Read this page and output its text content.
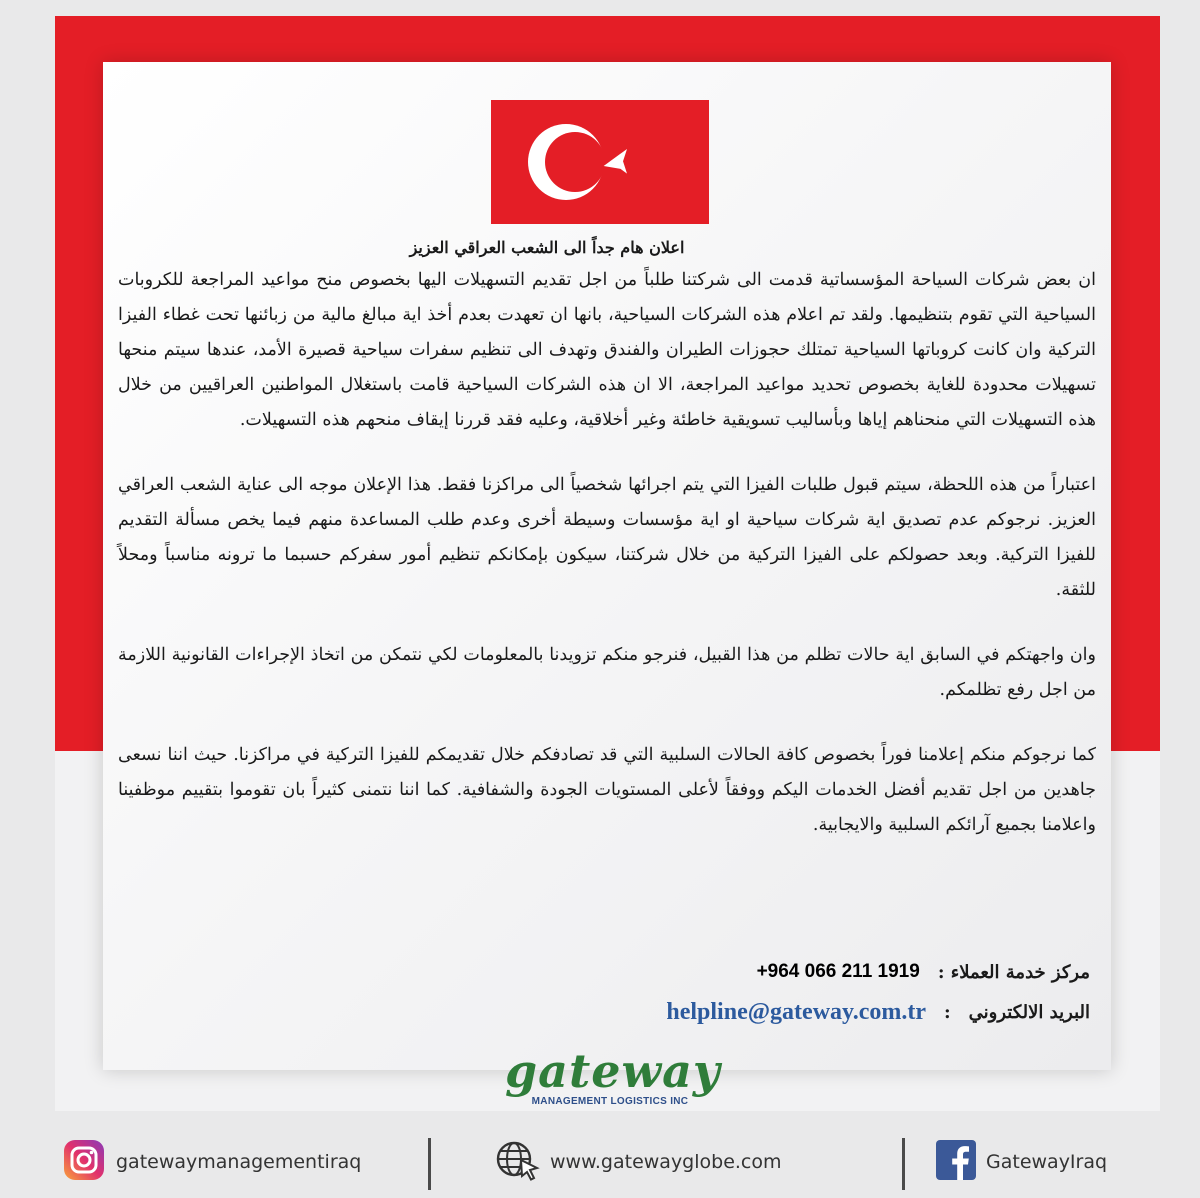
اعلان هام جداً الى الشعب العراقي العزيز

ان بعض شركات السياحة المؤسساتية قدمت الى شركتنا طلباً من اجل تقديم التسهيلات اليها بخصوص منح مواعيد المراجعة للكروبات السياحية التي تقوم بتنظيمها. ولقد تم اعلام هذه الشركات السياحية، بانها ان تعهدت بعدم أخذ اية مبالغ مالية من زبائنها تحت غطاء الفيزا التركية وان كانت كروباتها السياحية تمتلك حجوزات الطيران والفندق وتهدف الى تنظيم سفرات سياحية قصيرة الأمد، عندها سيتم منحها تسهيلات محدودة للغاية بخصوص تحديد مواعيد المراجعة، الا ان هذه الشركات السياحية قامت باستغلال المواطنين العراقيين من خلال هذه التسهيلات التي منحناهم إياها وبأساليب تسويقية خاطئة وغير أخلاقية، وعليه فقد قررنا إيقاف منحهم هذه التسهيلات.

اعتباراً من هذه اللحظة، سيتم قبول طلبات الفيزا التي يتم اجرائها شخصياً الى مراكزنا فقط. هذا الإعلان موجه الى عناية الشعب العراقي العزيز. نرجوكم عدم تصديق اية شركات سياحية او اية مؤسسات وسيطة أخرى وعدم طلب المساعدة منهم فيما يخص مسألة التقديم للفيزا التركية. وبعد حصولكم على الفيزا التركية من خلال شركتنا، سيكون بإمكانكم تنظيم أمور سفركم حسبما ما ترونه مناسباً ومحلاً للثقة.

وان واجهتكم في السابق اية حالات تظلم من هذا القبيل، فنرجو منكم تزويدنا بالمعلومات لكي نتمكن من اتخاذ الإجراءات القانونية اللازمة من اجل رفع تظلمكم.

كما نرجوكم منكم إعلامنا فوراً بخصوص كافة الحالات السلبية التي قد تصادفكم خلال تقديمكم للفيزا التركية في مراكزنا. حيث اننا نسعى جاهدين من اجل تقديم أفضل الخدمات اليكم ووفقاً لأعلى المستويات الجودة والشفافية. كما اننا نتمنى كثيراً بان تقوموا بتقييم موظفينا واعلامنا بجميع آرائكم السلبية والايجابية.

مركز خدمة العملاء :
+964 066 211 1919
البريد الالكتروني
:
helpline@gateway.com.tr
gateway
MANAGEMENT LOGISTICS INC
gatewaymanagementiraq	www.gatewayglobe.com	GatewayIraq
